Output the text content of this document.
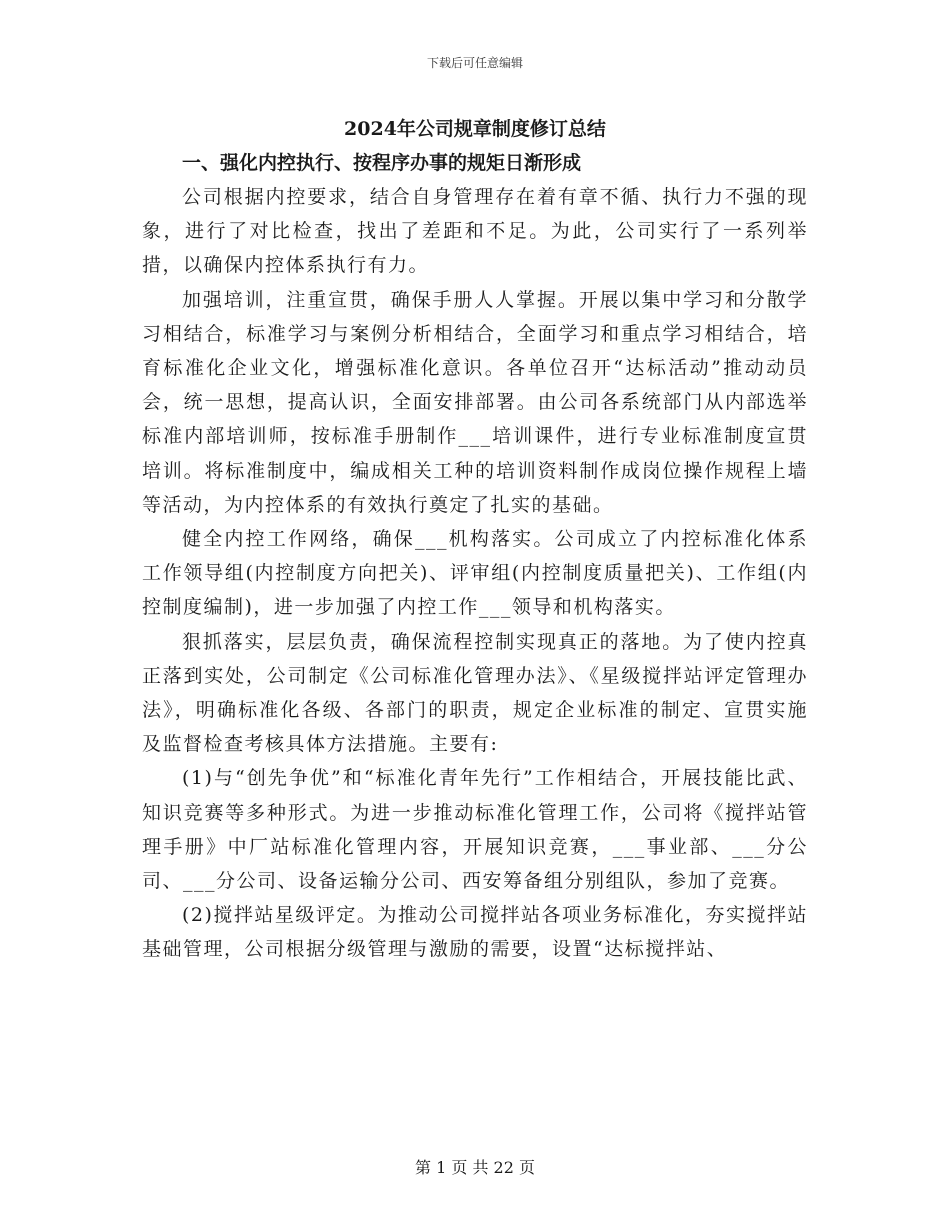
下载后可任意编辑
2024年公司规章制度修订总结

一、强化内控执行、按程序办事的规矩日渐形成

公司根据内控要求，结合自身管理存在着有章不循、执行力不强的现象，进行了对比检查，找出了差距和不足。为此，公司实行了一系列举措，以确保内控体系执行有力。

加强培训，注重宣贯，确保手册人人掌握。开展以集中学习和分散学习相结合，标准学习与案例分析相结合，全面学习和重点学习相结合，培育标准化企业文化，增强标准化意识。各单位召开“达标活动”推动动员会，统一思想，提高认识，全面安排部署。由公司各系统部门从内部选举标准内部培训师，按标准手册制作___培训课件，进行专业标准制度宣贯培训。将标准制度中，编成相关工种的培训资料制作成岗位操作规程上墙等活动，为内控体系的有效执行奠定了扎实的基础。

健全内控工作网络，确保___机构落实。公司成立了内控标准化体系工作领导组(内控制度方向把关)、评审组(内控制度质量把关)、工作组(内控制度编制)，进一步加强了内控工作___领导和机构落实。

狠抓落实，层层负责，确保流程控制实现真正的落地。为了使内控真正落到实处，公司制定《公司标准化管理办法》、《星级搅拌站评定管理办法》，明确标准化各级、各部门的职责，规定企业标准的制定、宣贯实施及监督检查考核具体方法措施。主要有:

(1)与“创先争优”和“标准化青年先行”工作相结合，开展技能比武、知识竞赛等多种形式。为进一步推动标准化管理工作，公司将《搅拌站管理手册》中厂站标准化管理内容，开展知识竞赛，___事业部、___分公司、___分公司、设备运输分公司、西安筹备组分别组队，参加了竞赛。

(2)搅拌站星级评定。为推动公司搅拌站各项业务标准化，夯实搅拌站基础管理，公司根据分级管理与激励的需要，设置“达标搅拌站、

第 1 页 共 22 页
